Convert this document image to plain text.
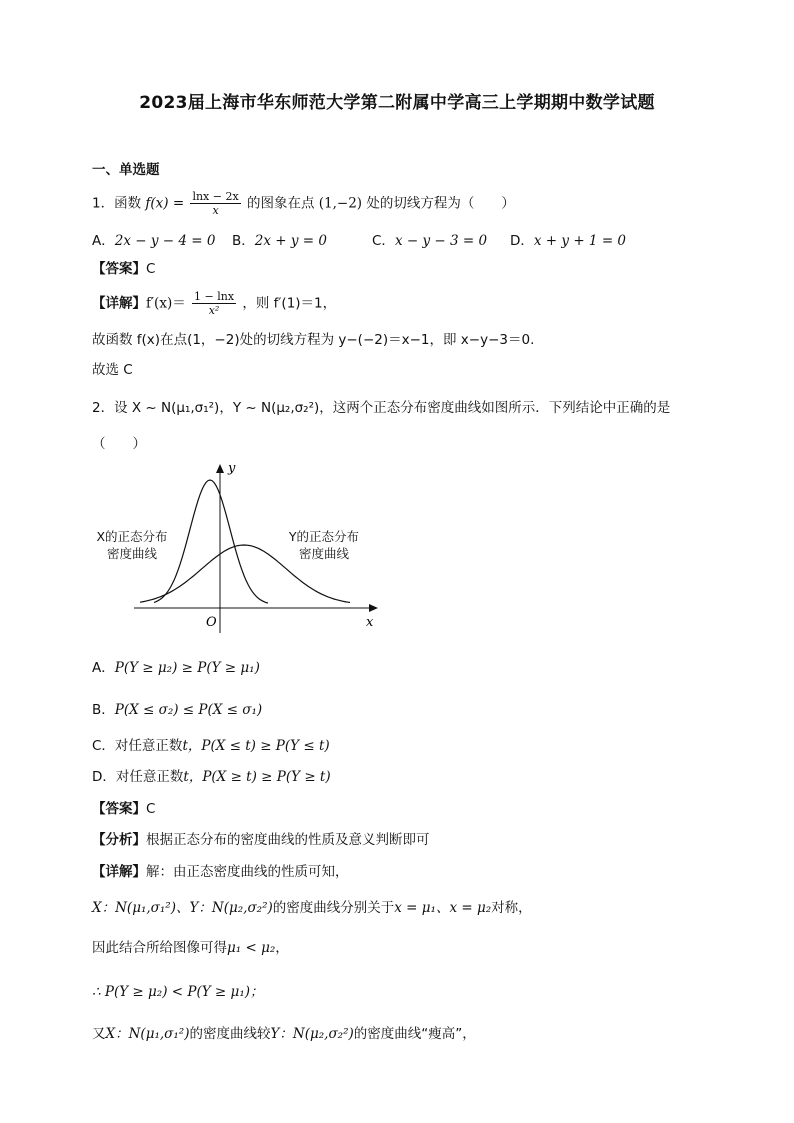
2023届上海市华东师范大学第二附属中学高三上学期期中数学试题
一、单选题
1．函数 $f(x) = \frac{\ln x - 2x}{x}$ 的图象在点 (1,−2) 处的切线方程为（　　）
A．2x − y − 4 = 0 B．2x + y = 0	C．x − y − 3 = 0 D．x + y + 1 = 0
【答案】C
【详解】$f'(x)= \frac{1 - \ln x}{\text{x²}}$ ，则 f′(1)＝1，
故函数 f(x)在点(1，−2)处的切线方程为 y−(−2)＝x−1，即 x−y−3＝0.
故选 C
2．设 X ~ N(μ₁,σ₁²)，Y ~ N(μ₂,σ₂²)，这两个正态分布密度曲线如图所示．下列结论中正确的是
（　　）
y
x
O
X的正态分布
密度曲线
Y的正态分布
密度曲线
A．P(Y ≥ μ₂) ≥ P(Y ≥ μ₁)
B．P(X ≤ σ₂) ≤ P(X ≤ σ₁)
C．对任意正数t，P(X ≤ t) ≥ P(Y ≤ t)
D．对任意正数t，P(X ≥ t) ≥ P(Y ≥ t)
【答案】C
【分析】根据正态分布的密度曲线的性质及意义判断即可
【详解】解：由正态密度曲线的性质可知，
X：N(μ₁,σ₁²)、Y：N(μ₂,σ₂²)的密度曲线分别关于x = μ₁、x = μ₂对称，
因此结合所给图像可得μ₁ < μ₂，
∴ P(Y ≥ μ₂) < P(Y ≥ μ₁)；
又X：N(μ₁,σ₁²)的密度曲线较Y：N(μ₂,σ₂²)的密度曲线“瘦高”，
